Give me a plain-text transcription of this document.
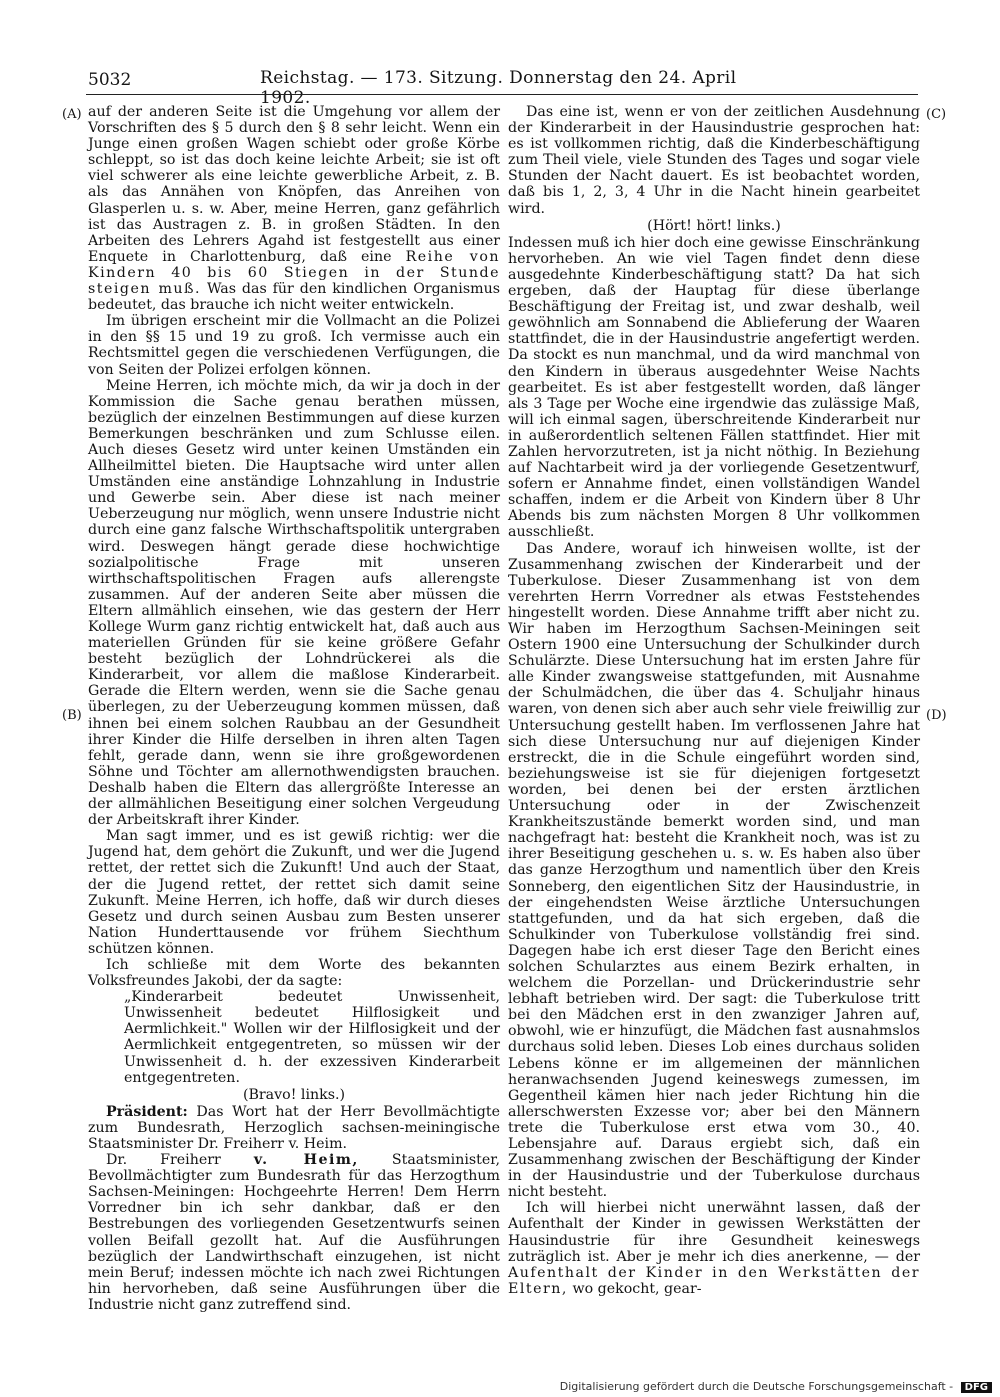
5032	Reichstag. — 173. Sitzung. Donnerstag den 24. April 1902.
(A)
(B)
(C)
(D)

auf der anderen Seite ist die Umgehung vor allem der Vorschriften des § 5 durch den § 8 sehr leicht. Wenn ein Junge einen großen Wagen schiebt oder große Körbe schleppt, so ist das doch keine leichte Arbeit; sie ist oft viel schwerer als eine leichte gewerbliche Arbeit, z. B. als das Annähen von Knöpfen, das Anreihen von Glasperlen u. s. w. Aber, meine Herren, ganz gefährlich ist das Austragen z. B. in großen Städten. In den Arbeiten des Lehrers Agahd ist festgestellt aus einer Enquete in Charlottenburg, daß eine Reihe von Kindern 40 bis 60 Stiegen in der Stunde steigen muß. Was das für den kindlichen Organismus bedeutet, das brauche ich nicht weiter entwickeln.

Im übrigen erscheint mir die Vollmacht an die Polizei in den §§ 15 und 19 zu groß. Ich vermisse auch ein Rechtsmittel gegen die verschiedenen Verfügungen, die von Seiten der Polizei erfolgen können.

Meine Herren, ich möchte mich, da wir ja doch in der Kommission die Sache genau berathen müssen, bezüglich der einzelnen Bestimmungen auf diese kurzen Bemerkungen beschränken und zum Schlusse eilen. Auch dieses Gesetz wird unter keinen Umständen ein Allheilmittel bieten. Die Hauptsache wird unter allen Umständen eine anständige Lohnzahlung in Industrie und Gewerbe sein. Aber diese ist nach meiner Ueberzeugung nur möglich, wenn unsere Industrie nicht durch eine ganz falsche Wirthschaftspolitik untergraben wird. Deswegen hängt gerade diese hochwichtige sozialpolitische Frage mit unseren wirthschaftspolitischen Fragen aufs allerengste zusammen. Auf der anderen Seite aber müssen die Eltern allmählich einsehen, wie das gestern der Herr Kollege Wurm ganz richtig entwickelt hat, daß auch aus materiellen Gründen für sie keine größere Gefahr besteht bezüglich der Lohndrückerei als die Kinderarbeit, vor allem die maßlose Kinderarbeit. Gerade die Eltern werden, wenn sie die Sache genau überlegen, zu der Ueberzeugung kommen müssen, daß ihnen bei einem solchen Raubbau an der Gesundheit ihrer Kinder die Hilfe derselben in ihren alten Tagen fehlt, gerade dann, wenn sie ihre großgewordenen Söhne und Töchter am allernothwendigsten brauchen. Deshalb haben die Eltern das allergrößte Interesse an der allmählichen Beseitigung einer solchen Vergeudung der Arbeitskraft ihrer Kinder.

Man sagt immer, und es ist gewiß richtig: wer die Jugend hat, dem gehört die Zukunft, und wer die Jugend rettet, der rettet sich die Zukunft! Und auch der Staat, der die Jugend rettet, der rettet sich damit seine Zukunft. Meine Herren, ich hoffe, daß wir durch dieses Gesetz und durch seinen Ausbau zum Besten unserer Nation Hunderttausende vor frühem Siechthum schützen können.

Ich schließe mit dem Worte des bekannten Volksfreundes Jakobi, der da sagte:

„Kinderarbeit bedeutet Unwissenheit, Unwissenheit bedeutet Hilflosigkeit und Aermlichkeit." Wollen wir der Hilflosigkeit und der Aermlichkeit entgegentreten, so müssen wir der Unwissenheit d. h. der exzessiven Kinderarbeit entgegentreten.

(Bravo! links.)

Präsident: Das Wort hat der Herr Bevollmächtigte zum Bundesrath, Herzoglich sachsen-meiningische Staatsminister Dr. Freiherr v. Heim.

Dr. Freiherr v. Heim, Staatsminister, Bevollmächtigter zum Bundesrath für das Herzogthum Sachsen-Meiningen: Hochgeehrte Herren! Dem Herrn Vorredner bin ich sehr dankbar, daß er den Bestrebungen des vorliegenden Gesetzentwurfs seinen vollen Beifall gezollt hat. Auf die Ausführungen bezüglich der Landwirthschaft einzugehen, ist nicht mein Beruf; indessen möchte ich nach zwei Richtungen hin hervorheben, daß seine Ausführungen über die Industrie nicht ganz zutreffend sind.

Das eine ist, wenn er von der zeitlichen Ausdehnung der Kinderarbeit in der Hausindustrie gesprochen hat: es ist vollkommen richtig, daß die Kinderbeschäftigung zum Theil viele, viele Stunden des Tages und sogar viele Stunden der Nacht dauert. Es ist beobachtet worden, daß bis 1, 2, 3, 4 Uhr in die Nacht hinein gearbeitet wird.

(Hört! hört! links.)

Indessen muß ich hier doch eine gewisse Einschränkung hervorheben. An wie viel Tagen findet denn diese ausgedehnte Kinderbeschäftigung statt? Da hat sich ergeben, daß der Hauptag für diese überlange Beschäftigung der Freitag ist, und zwar deshalb, weil gewöhnlich am Sonnabend die Ablieferung der Waaren stattfindet, die in der Hausindustrie angefertigt werden. Da stockt es nun manchmal, und da wird manchmal von den Kindern in überaus ausgedehnter Weise Nachts gearbeitet. Es ist aber festgestellt worden, daß länger als 3 Tage per Woche eine irgendwie das zulässige Maß, will ich einmal sagen, überschreitende Kinderarbeit nur in außerordentlich seltenen Fällen stattfindet. Hier mit Zahlen hervorzutreten, ist ja nicht nöthig. In Beziehung auf Nachtarbeit wird ja der vorliegende Gesetzentwurf, sofern er Annahme findet, einen vollständigen Wandel schaffen, indem er die Arbeit von Kindern über 8 Uhr Abends bis zum nächsten Morgen 8 Uhr vollkommen ausschließt.

Das Andere, worauf ich hinweisen wollte, ist der Zusammenhang zwischen der Kinderarbeit und der Tuberkulose. Dieser Zusammenhang ist von dem verehrten Herrn Vorredner als etwas Feststehendes hingestellt worden. Diese Annahme trifft aber nicht zu. Wir haben im Herzogthum Sachsen-Meiningen seit Ostern 1900 eine Untersuchung der Schulkinder durch Schulärzte. Diese Untersuchung hat im ersten Jahre für alle Kinder zwangsweise stattgefunden, mit Ausnahme der Schulmädchen, die über das 4. Schuljahr hinaus waren, von denen sich aber auch sehr viele freiwillig zur Untersuchung gestellt haben. Im verflossenen Jahre hat sich diese Untersuchung nur auf diejenigen Kinder erstreckt, die in die Schule eingeführt worden sind, beziehungsweise ist sie für diejenigen fortgesetzt worden, bei denen bei der ersten ärztlichen Untersuchung oder in der Zwischenzeit Krankheitszustände bemerkt worden sind, und man nachgefragt hat: besteht die Krankheit noch, was ist zu ihrer Beseitigung geschehen u. s. w. Es haben also über das ganze Herzogthum und namentlich über den Kreis Sonneberg, den eigentlichen Sitz der Hausindustrie, in der eingehendsten Weise ärztliche Untersuchungen stattgefunden, und da hat sich ergeben, daß die Schulkinder von Tuberkulose vollständig frei sind. Dagegen habe ich erst dieser Tage den Bericht eines solchen Schularztes aus einem Bezirk erhalten, in welchem die Porzellan- und Drückerindustrie sehr lebhaft betrieben wird. Der sagt: die Tuberkulose tritt bei den Mädchen erst in den zwanziger Jahren auf, obwohl, wie er hinzufügt, die Mädchen fast ausnahmslos durchaus solid leben. Dieses Lob eines durchaus soliden Lebens könne er im allgemeinen der männlichen heranwachsenden Jugend keineswegs zumessen, im Gegentheil kämen hier nach jeder Richtung hin die allerschwersten Exzesse vor; aber bei den Männern trete die Tuberkulose erst etwa vom 30., 40. Lebensjahre auf. Daraus ergiebt sich, daß ein Zusammenhang zwischen der Beschäftigung der Kinder in der Hausindustrie und der Tuberkulose durchaus nicht besteht.

Ich will hierbei nicht unerwähnt lassen, daß der Aufenthalt der Kinder in gewissen Werkstätten der Hausindustrie für ihre Gesundheit keineswegs zuträglich ist. Aber je mehr ich dies anerkenne, — der Aufenthalt der Kinder in den Werkstätten der Eltern, wo gekocht, gear-

Digitalisierung gefördert durch die Deutsche Forschungsgemeinschaft - DFG
